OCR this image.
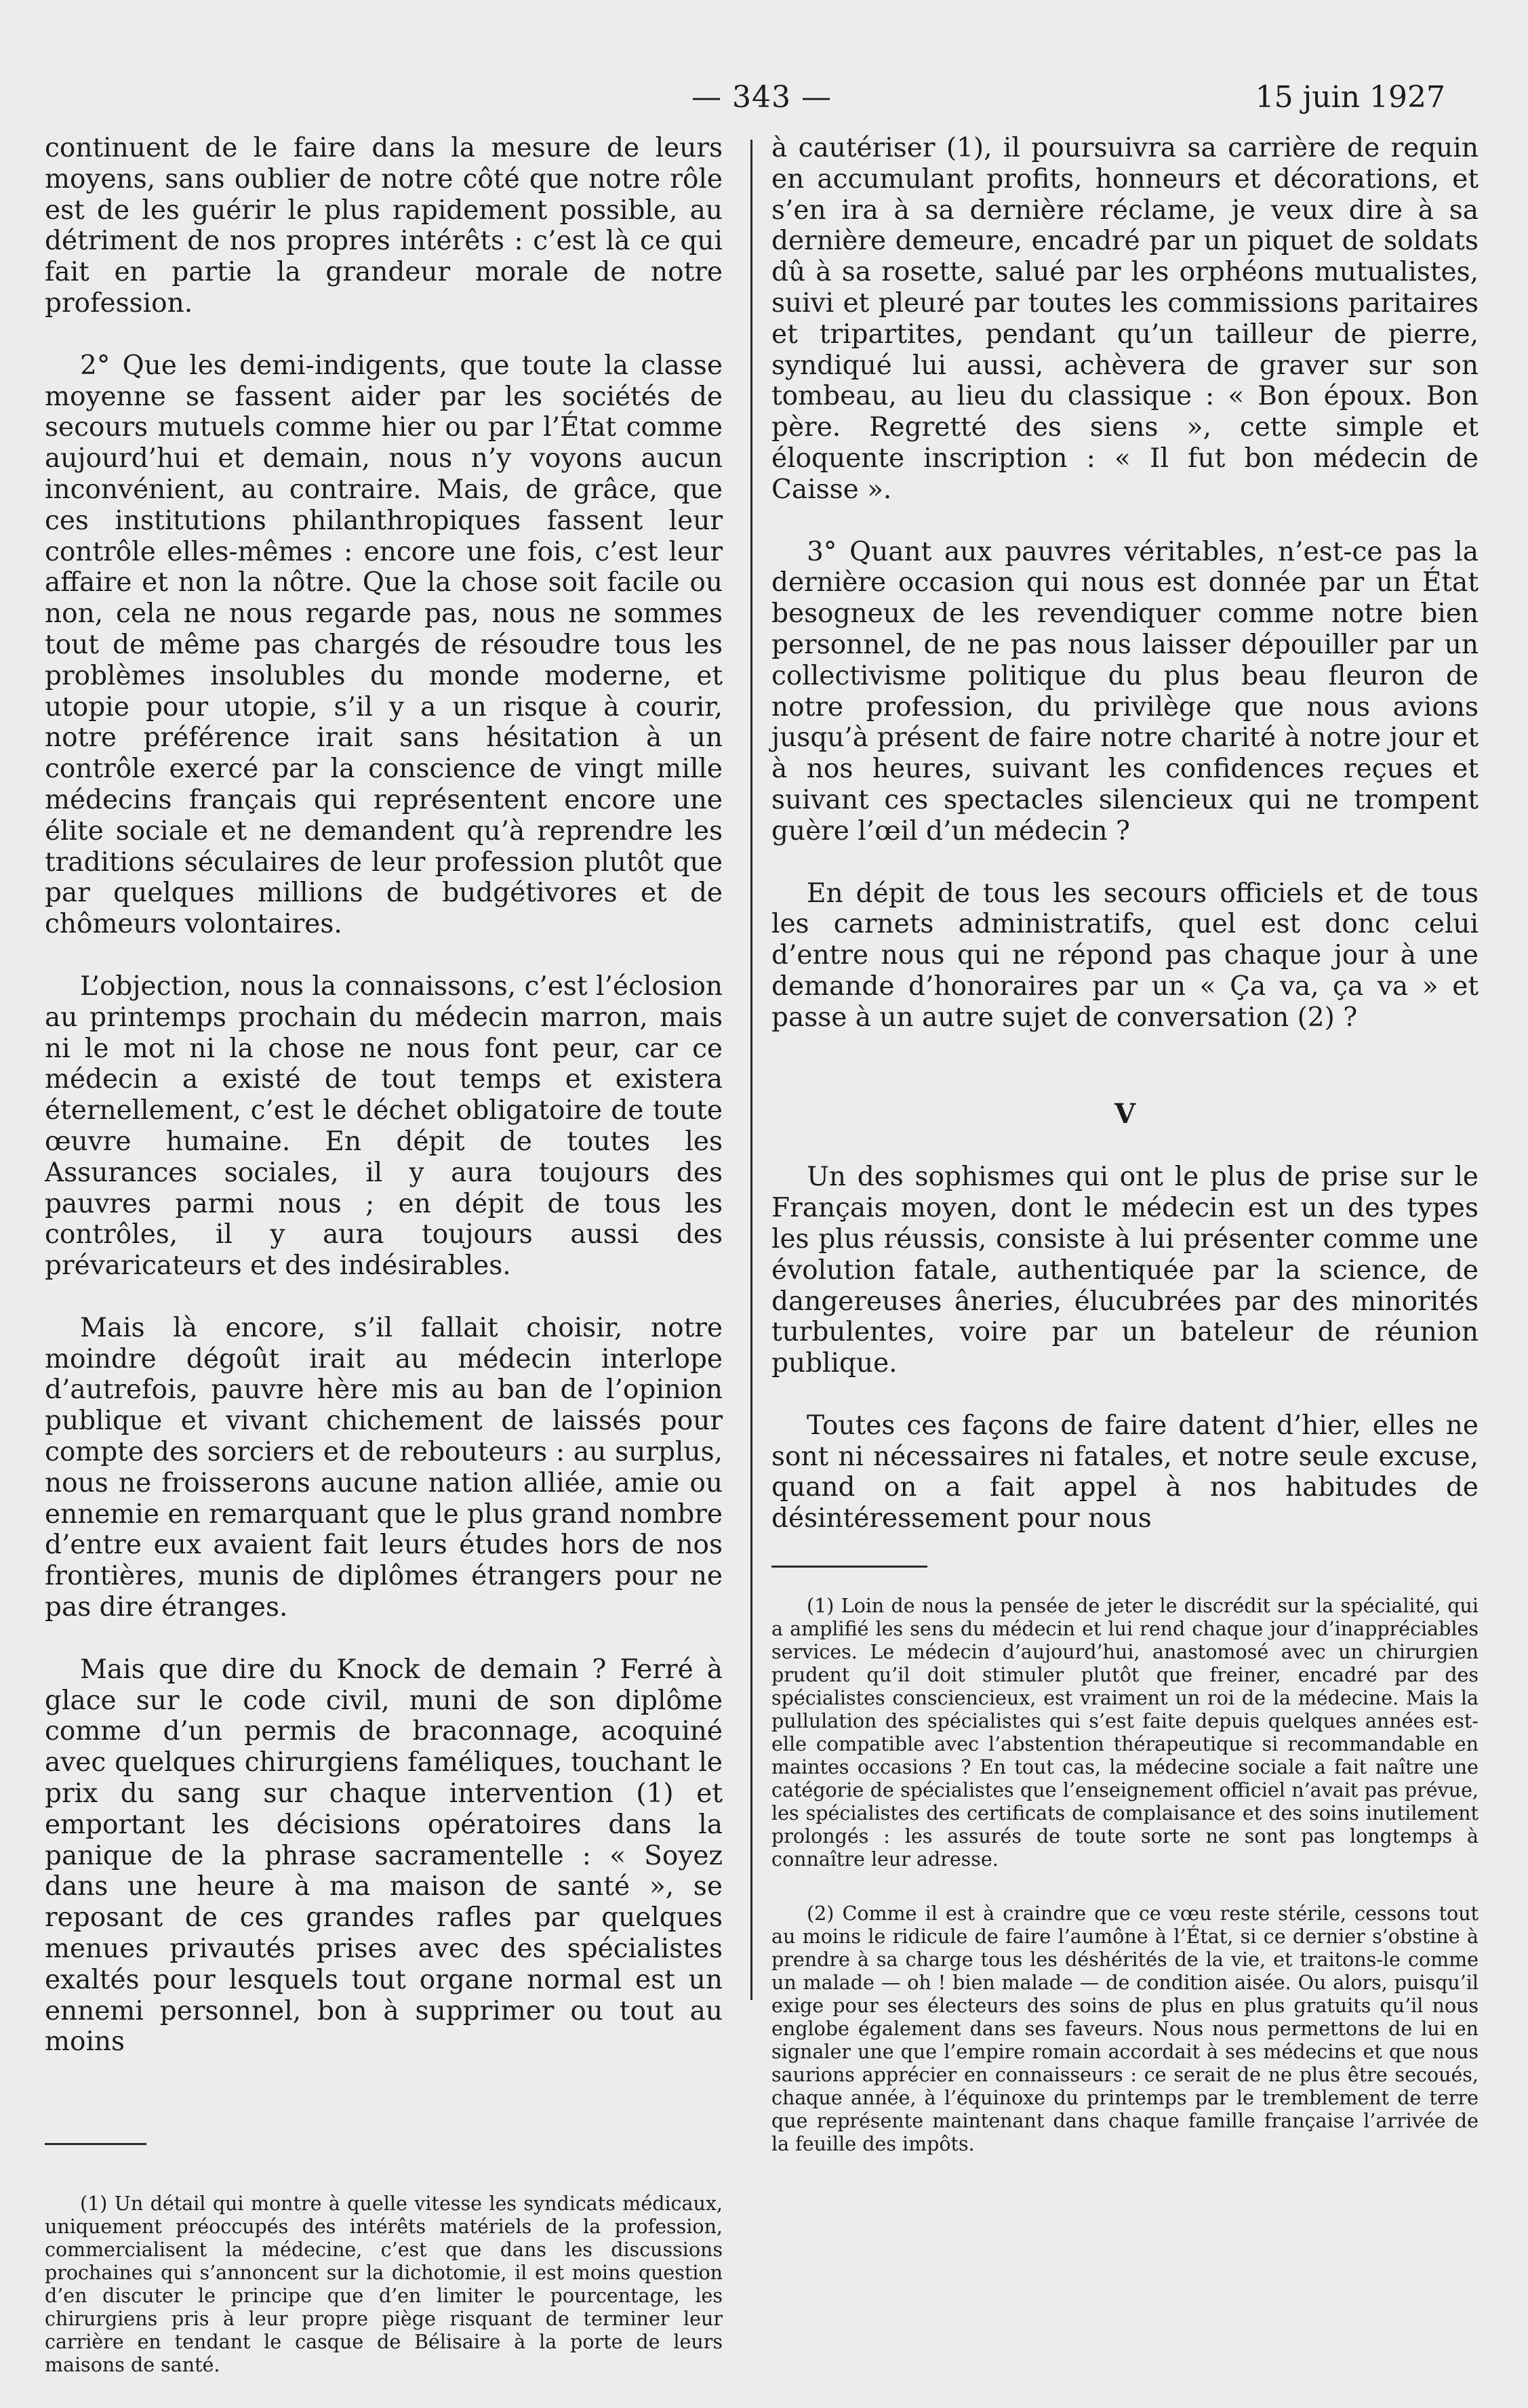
— 343 —	15 juin 1927

continuent de le faire dans la mesure de leurs moyens, sans oublier de notre côté que notre rôle est de les guérir le plus rapidement possible, au détriment de nos propres intérêts : c’est là ce qui fait en partie la grandeur morale de notre profession.

2° Que les demi-indigents, que toute la classe moyenne se fassent aider par les sociétés de secours mutuels comme hier ou par l’État comme aujourd’hui et demain, nous n’y voyons aucun inconvénient, au contraire. Mais, de grâce, que ces institutions philanthropiques fassent leur contrôle elles-mêmes : encore une fois, c’est leur affaire et non la nôtre. Que la chose soit facile ou non, cela ne nous regarde pas, nous ne sommes tout de même pas chargés de résoudre tous les problèmes insolubles du monde moderne, et utopie pour utopie, s’il y a un risque à courir, notre préférence irait sans hésitation à un contrôle exercé par la conscience de vingt mille médecins français qui représentent encore une élite sociale et ne demandent qu’à reprendre les traditions séculaires de leur profession plutôt que par quelques millions de budgétivores et de chômeurs volontaires.

L’objection, nous la connaissons, c’est l’éclosion au printemps prochain du médecin marron, mais ni le mot ni la chose ne nous font peur, car ce médecin a existé de tout temps et existera éternellement, c’est le déchet obligatoire de toute œuvre humaine. En dépit de toutes les Assurances sociales, il y aura toujours des pauvres parmi nous ; en dépit de tous les contrôles, il y aura toujours aussi des prévaricateurs et des indésirables.

Mais là encore, s’il fallait choisir, notre moindre dégoût irait au médecin interlope d’autrefois, pauvre hère mis au ban de l’opinion publique et vivant chichement de laissés pour compte des sorciers et de rebouteurs : au surplus, nous ne froisserons aucune nation alliée, amie ou ennemie en remarquant que le plus grand nombre d’entre eux avaient fait leurs études hors de nos frontières, munis de diplômes étrangers pour ne pas dire étranges.

Mais que dire du Knock de demain ? Ferré à glace sur le code civil, muni de son diplôme comme d’un permis de braconnage, acoquiné avec quelques chirurgiens faméliques, touchant le prix du sang sur chaque intervention (1) et emportant les décisions opératoires dans la panique de la phrase sacramentelle : « Soyez dans une heure à ma maison de santé », se reposant de ces grandes rafles par quelques menues privautés prises avec des spécialistes exaltés pour lesquels tout organe normal est un ennemi personnel, bon à supprimer ou tout au moins

(1) Un détail qui montre à quelle vitesse les syndicats médicaux, uniquement préoccupés des intérêts matériels de la profession, commercialisent la médecine, c’est que dans les discussions prochaines qui s’annoncent sur la dichotomie, il est moins question d’en discuter le principe que d’en limiter le pourcentage, les chirurgiens pris à leur propre piège risquant de terminer leur carrière en tendant le casque de Bélisaire à la porte de leurs maisons de santé.

à cautériser (1), il poursuivra sa carrière de requin en accumulant profits, honneurs et décorations, et s’en ira à sa dernière réclame, je veux dire à sa dernière demeure, encadré par un piquet de soldats dû à sa rosette, salué par les orphéons mutualistes, suivi et pleuré par toutes les commissions paritaires et tripartites, pendant qu’un tailleur de pierre, syndiqué lui aussi, achèvera de graver sur son tombeau, au lieu du classique : « Bon époux. Bon père. Regretté des siens », cette simple et éloquente inscription : « Il fut bon médecin de Caisse ».

3° Quant aux pauvres véritables, n’est-ce pas la dernière occasion qui nous est donnée par un État besogneux de les revendiquer comme notre bien personnel, de ne pas nous laisser dépouiller par un collectivisme politique du plus beau fleuron de notre profession, du privilège que nous avions jusqu’à présent de faire notre charité à notre jour et à nos heures, suivant les confidences reçues et suivant ces spectacles silencieux qui ne trompent guère l’œil d’un médecin ?

En dépit de tous les secours officiels et de tous les carnets administratifs, quel est donc celui d’entre nous qui ne répond pas chaque jour à une demande d’honoraires par un « Ça va, ça va » et passe à un autre sujet de conversation (2) ?

V

Un des sophismes qui ont le plus de prise sur le Français moyen, dont le médecin est un des types les plus réussis, consiste à lui présenter comme une évolution fatale, authentiquée par la science, de dangereuses âneries, élucubrées par des minorités turbulentes, voire par un bateleur de réunion publique.

Toutes ces façons de faire datent d’hier, elles ne sont ni nécessaires ni fatales, et notre seule excuse, quand on a fait appel à nos habitudes de désintéressement pour nous

(1) Loin de nous la pensée de jeter le discrédit sur la spécialité, qui a amplifié les sens du médecin et lui rend chaque jour d’inappréciables services. Le médecin d’aujourd’hui, anastomosé avec un chirurgien prudent qu’il doit stimuler plutôt que freiner, encadré par des spécialistes consciencieux, est vraiment un roi de la médecine. Mais la pullulation des spécialistes qui s’est faite depuis quelques années est-elle compatible avec l’abstention thérapeutique si recommandable en maintes occasions ? En tout cas, la médecine sociale a fait naître une catégorie de spécialistes que l’enseignement officiel n’avait pas prévue, les spécialistes des certificats de complaisance et des soins inutilement prolongés : les assurés de toute sorte ne sont pas longtemps à connaître leur adresse.

(2) Comme il est à craindre que ce vœu reste stérile, cessons tout au moins le ridicule de faire l’aumône à l’État, si ce dernier s’obstine à prendre à sa charge tous les déshérités de la vie, et traitons-le comme un malade — oh ! bien malade — de condition aisée. Ou alors, puisqu’il exige pour ses électeurs des soins de plus en plus gratuits qu’il nous englobe également dans ses faveurs. Nous nous permettons de lui en signaler une que l’empire romain accordait à ses médecins et que nous saurions apprécier en connaisseurs : ce serait de ne plus être secoués, chaque année, à l’équinoxe du printemps par le tremblement de terre que représente maintenant dans chaque famille française l’arrivée de la feuille des impôts.
